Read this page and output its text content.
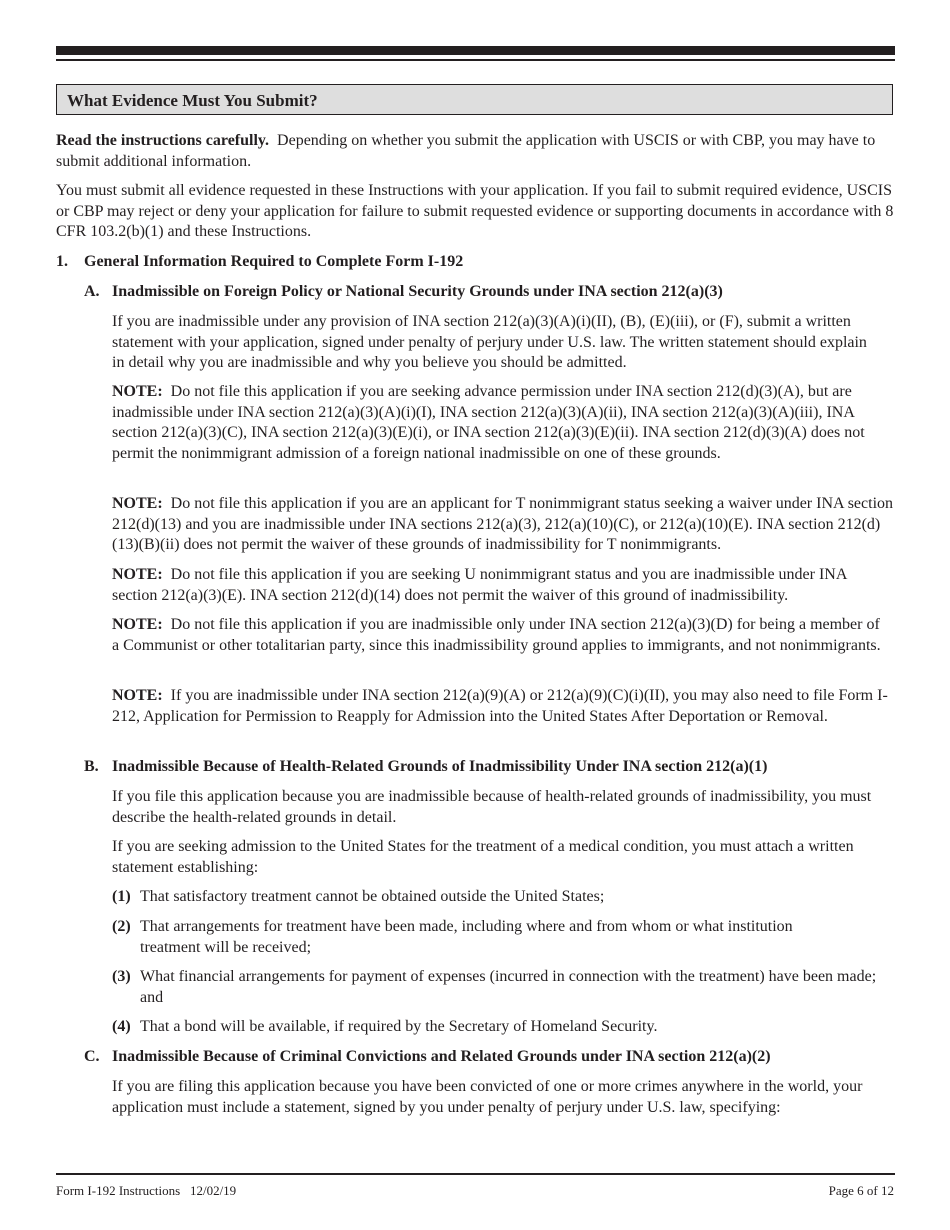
What Evidence Must You Submit?

Read the instructions carefully. Depending on whether you submit the application with USCIS or with CBP, you may have to submit additional information.

You must submit all evidence requested in these Instructions with your application. If you fail to submit required evidence, USCIS or CBP may reject or deny your application for failure to submit requested evidence or supporting documents in accordance with 8 CFR 103.2(b)(1) and these Instructions.

1. General Information Required to Complete Form I-192
A. Inadmissible on Foreign Policy or National Security Grounds under INA section 212(a)(3)

If you are inadmissible under any provision of INA section 212(a)(3)(A)(i)(II), (B), (E)(iii), or (F), submit a written statement with your application, signed under penalty of perjury under U.S. law. The written statement should explain in detail why you are inadmissible and why you believe you should be admitted.

NOTE: Do not file this application if you are seeking advance permission under INA section 212(d)(3)(A), but are inadmissible under INA section 212(a)(3)(A)(i)(I), INA section 212(a)(3)(A)(ii), INA section 212(a)(3)(A)(iii), INA section 212(a)(3)(C), INA section 212(a)(3)(E)(i), or INA section 212(a)(3)(E)(ii). INA section 212(d)(3)(A) does not permit the nonimmigrant admission of a foreign national inadmissible on one of these grounds.

NOTE: Do not file this application if you are an applicant for T nonimmigrant status seeking a waiver under INA section 212(d)(13) and you are inadmissible under INA sections 212(a)(3), 212(a)(10)(C), or 212(a)(10)(E). INA section 212(d)(13)(B)(ii) does not permit the waiver of these grounds of inadmissibility for T nonimmigrants.

NOTE: Do not file this application if you are seeking U nonimmigrant status and you are inadmissible under INA section 212(a)(3)(E). INA section 212(d)(14) does not permit the waiver of this ground of inadmissibility.

NOTE: Do not file this application if you are inadmissible only under INA section 212(a)(3)(D) for being a member of a Communist or other totalitarian party, since this inadmissibility ground applies to immigrants, and not nonimmigrants.

NOTE: If you are inadmissible under INA section 212(a)(9)(A) or 212(a)(9)(C)(i)(II), you may also need to file Form I-212, Application for Permission to Reapply for Admission into the United States After Deportation or Removal.

B. Inadmissible Because of Health-Related Grounds of Inadmissibility Under INA section 212(a)(1)

If you file this application because you are inadmissible because of health-related grounds of inadmissibility, you must describe the health-related grounds in detail.

If you are seeking admission to the United States for the treatment of a medical condition, you must attach a written statement establishing:

(1) That satisfactory treatment cannot be obtained outside the United States;

(2) That arrangements for treatment have been made, including where and from whom or what institution treatment will be received;

(3) What financial arrangements for payment of expenses (incurred in connection with the treatment) have been made; and

(4) That a bond will be available, if required by the Secretary of Homeland Security.

C. Inadmissible Because of Criminal Convictions and Related Grounds under INA section 212(a)(2)

If you are filing this application because you have been convicted of one or more crimes anywhere in the world, your application must include a statement, signed by you under penalty of perjury under U.S. law, specifying:

Form I-192 Instructions   12/02/19	Page 6 of 12
